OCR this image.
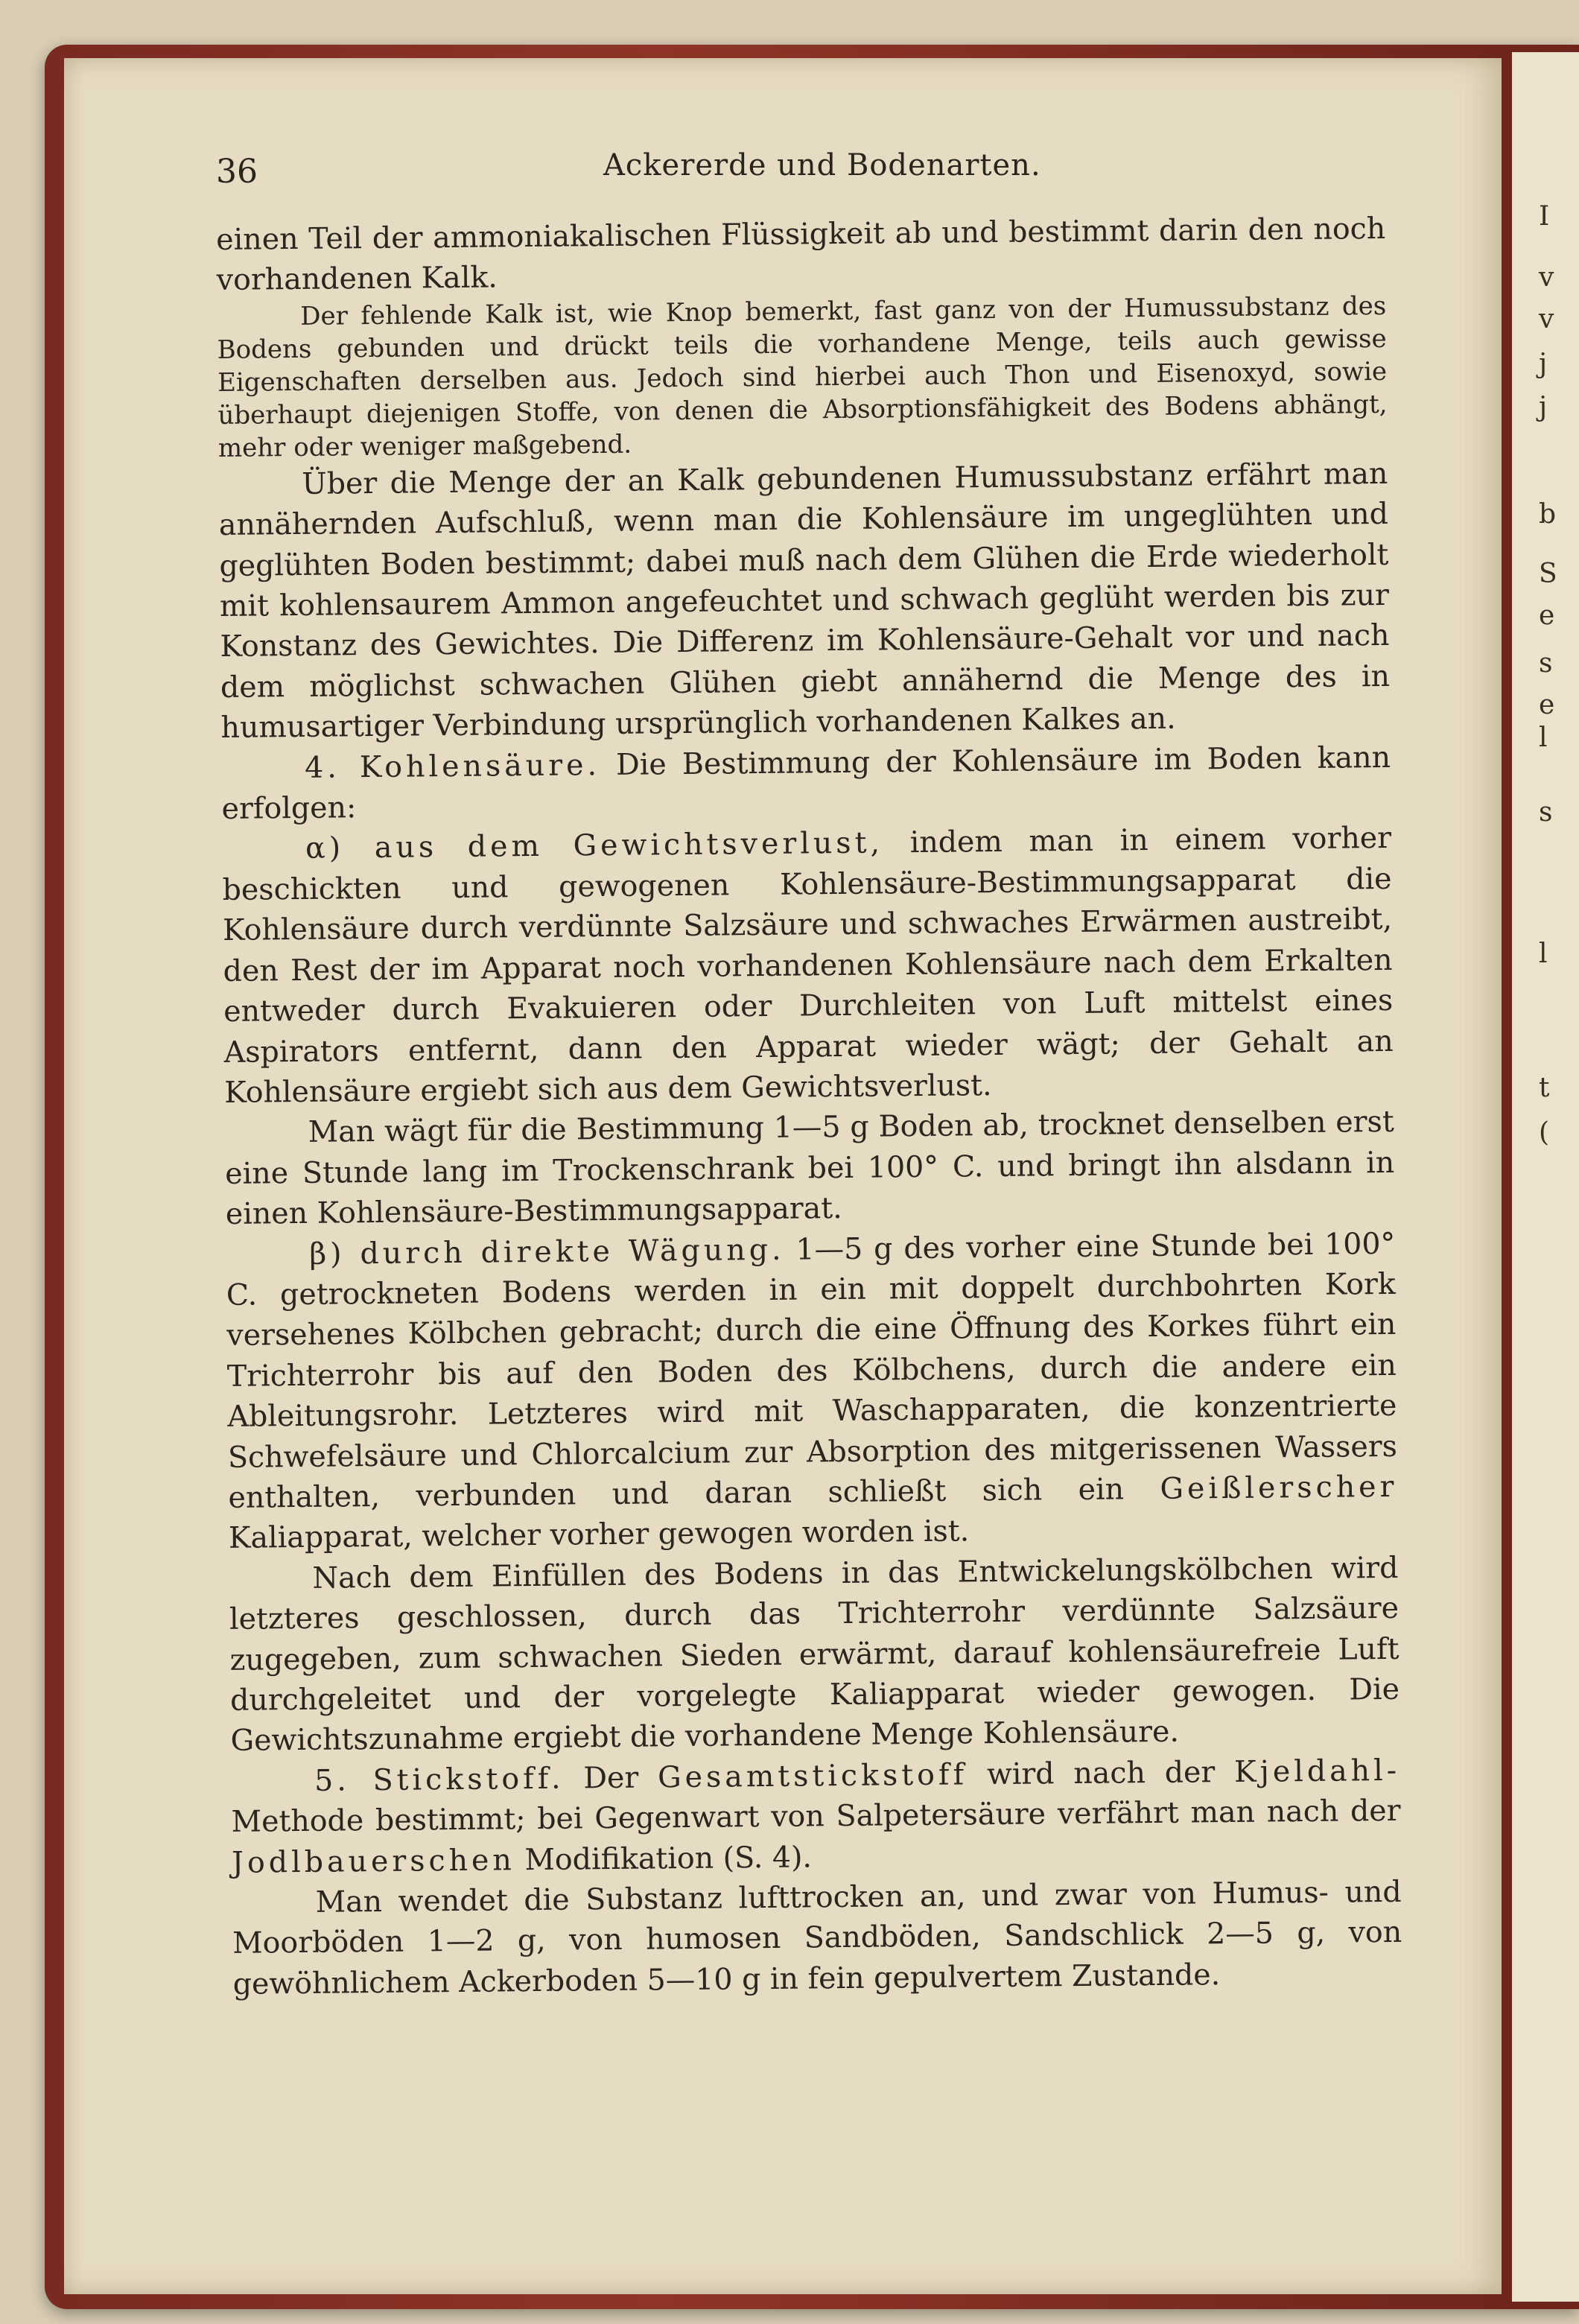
I
v
v
j
j
b
S
e
s
e
l
s
l
t
(
36	Ackererde und Bodenarten.

einen Teil der ammoniakalischen Flüssigkeit ab und bestimmt darin den noch vorhandenen Kalk.

Der fehlende Kalk ist, wie Knop bemerkt, fast ganz von der Humussubstanz des Bodens gebunden und drückt teils die vorhandene Menge, teils auch gewisse Eigenschaften derselben aus. Jedoch sind hierbei auch Thon und Eisenoxyd, sowie überhaupt diejenigen Stoffe, von denen die Absorptionsfähigkeit des Bodens abhängt, mehr oder weniger maßgebend.

Über die Menge der an Kalk gebundenen Humussubstanz erfährt man annähernden Aufschluß, wenn man die Kohlensäure im ungeglühten und geglühten Boden bestimmt; dabei muß nach dem Glühen die Erde wiederholt mit kohlensaurem Ammon angefeuchtet und schwach geglüht werden bis zur Konstanz des Gewichtes. Die Differenz im Kohlensäure-Gehalt vor und nach dem möglichst schwachen Glühen giebt annähernd die Menge des in humusartiger Verbindung ursprünglich vorhandenen Kalkes an.

4. Kohlensäure. Die Bestimmung der Kohlensäure im Boden kann erfolgen:

α) aus dem Gewichtsverlust, indem man in einem vorher beschickten und gewogenen Kohlensäure-Bestimmungsapparat die Kohlensäure durch verdünnte Salzsäure und schwaches Erwärmen austreibt, den Rest der im Apparat noch vorhandenen Kohlensäure nach dem Erkalten entweder durch Evakuieren oder Durchleiten von Luft mittelst eines Aspirators entfernt, dann den Apparat wieder wägt; der Gehalt an Kohlensäure ergiebt sich aus dem Gewichtsverlust.

Man wägt für die Bestimmung 1—5 g Boden ab, trocknet denselben erst eine Stunde lang im Trockenschrank bei 100° C. und bringt ihn alsdann in einen Kohlensäure-Bestimmungsapparat.

β) durch direkte Wägung. 1—5 g des vorher eine Stunde bei 100° C. getrockneten Bodens werden in ein mit doppelt durchbohrten Kork versehenes Kölbchen gebracht; durch die eine Öffnung des Korkes führt ein Trichterrohr bis auf den Boden des Kölbchens, durch die andere ein Ableitungsrohr. Letzteres wird mit Waschapparaten, die konzentrierte Schwefelsäure und Chlorcalcium zur Absorption des mitgerissenen Wassers enthalten, verbunden und daran schließt sich ein Geißlerscher Kaliapparat, welcher vorher gewogen worden ist.

Nach dem Einfüllen des Bodens in das Entwickelungskölbchen wird letzteres geschlossen, durch das Trichterrohr verdünnte Salzsäure zugegeben, zum schwachen Sieden erwärmt, darauf kohlensäurefreie Luft durchgeleitet und der vorgelegte Kaliapparat wieder gewogen. Die Gewichtszunahme ergiebt die vorhandene Menge Kohlensäure.

5. Stickstoff. Der Gesamtstickstoff wird nach der Kjeldahl-Methode bestimmt; bei Gegenwart von Salpetersäure verfährt man nach der Jodlbauerschen Modifikation (S. 4).

Man wendet die Substanz lufttrocken an, und zwar von Humus- und Moorböden 1—2 g, von humosen Sandböden, Sandschlick 2—5 g, von gewöhnlichem Ackerboden 5—10 g in fein gepulvertem Zustande.
